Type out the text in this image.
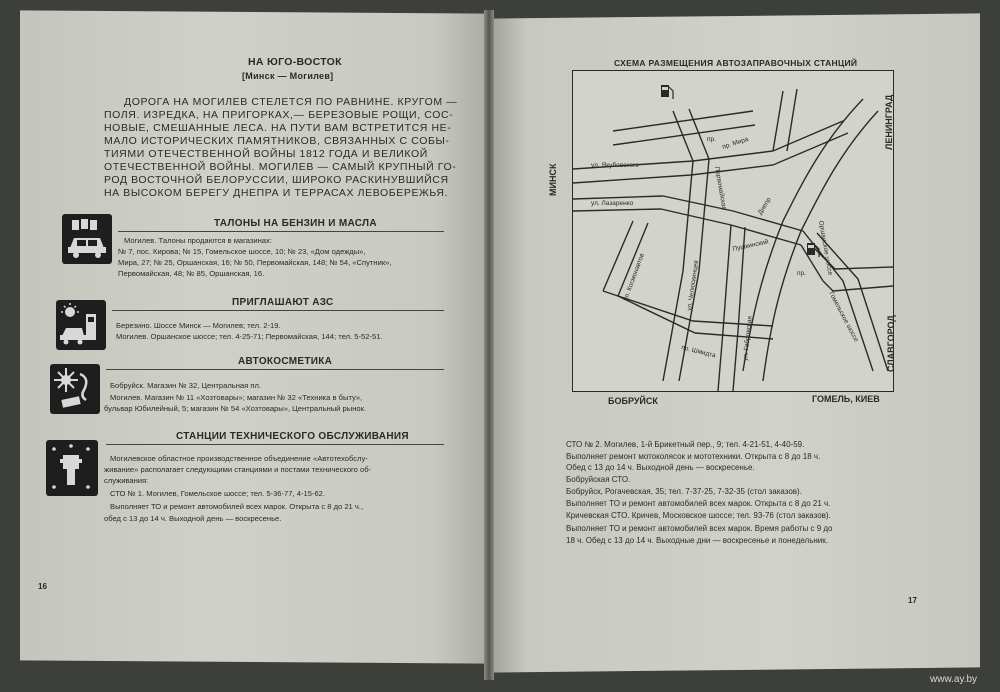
НА ЮГО-ВОСТОК
[Минск — Могилев]
ДОРОГА НА МОГИЛЕВ СТЕЛЕТСЯ ПО РАВНИНЕ. КРУГОМ —
ПОЛЯ. ИЗРЕДКА, НА ПРИГОРКАХ,— БЕРЕЗОВЫЕ РОЩИ, СОС-
НОВЫЕ, СМЕШАННЫЕ ЛЕСА. НА ПУТИ ВАМ ВСТРЕТИТСЯ НЕ-
МАЛО ИСТОРИЧЕСКИХ ПАМЯТНИКОВ, СВЯЗАННЫХ С СОБЫ-
ТИЯМИ ОТЕЧЕСТВЕННОЙ ВОЙНЫ 1812 ГОДА И ВЕЛИКОЙ
ОТЕЧЕСТВЕННОЙ ВОЙНЫ. МОГИЛЕВ — САМЫЙ КРУПНЫЙ ГО-
РОД ВОСТОЧНОЙ БЕЛОРУССИИ, ШИРОКО РАСКИНУВШИЙСЯ
НА ВЫСОКОМ БЕРЕГУ ДНЕПРА И ТЕРРАСАХ ЛЕВОБЕРЕЖЬЯ.
ТАЛОНЫ НА БЕНЗИН И МАСЛА
Могилев. Талоны продаются в магазинах:
№ 7, пос. Кирова; № 15, Гомельское шоссе, 10; № 23, «Дом одежды»,
Мира, 27; № 25, Оршанская, 16; № 50, Первомайская, 148; № 54, «Спутник»,
Первомайская, 48; № 85, Оршанская, 16.
ПРИГЛАШАЮТ АЗС
Березино. Шоссе Минск — Могилев; тел. 2-19.
Могилев. Оршанское шоссе; тел. 4-25-71; Первомайская, 144; тел. 5-52-51.
АВТОКОСМЕТИКА
Бобруйск. Магазин № 32, Центральная пл.
Могилев. Магазин № 11 «Хозтовары»; магазин № 32 «Техника в быту»,
бульвар Юбилейный, 5; магазин № 54 «Хозтовары», Центральный рынок.
СТАНЦИИ ТЕХНИЧЕСКОГО ОБСЛУЖИВАНИЯ
Могилевское областное производственное объединение «Автотехобслу-
живание» располагает следующими станциями и постами технического об-
служивания:
СТО № 1. Могилев, Гомельское шоссе; тел. 5-36-77, 4-15-62.
Выполняет ТО и ремонт автомобилей всех марок. Открыта с 8 до 21 ч.,
обед с 13 до 14 ч. Выходной день — воскресенье.
16
СХЕМА РАЗМЕЩЕНИЯ АВТОЗАПРАВОЧНЫХ СТАНЦИЙ
ул. Якубовского
ул. Лазаренко
пр. Мира
Первомайская
пр.
Днепр
Оршанское шоссе
Пушкинский
пр.
ул. Космонавтов	ул. Челюскинцев
ул. Габровская
пр. Шмидта
Гомельское шоссе
МИНСК
ЛЕНИНГРАД
СЛАВГОРОД
БОБРУЙСК	ГОМЕЛЬ, КИЕВ
СТО № 2. Могилев, 1-й Брикетный пер., 9; тел. 4-21-51, 4-40-59.
Выполняет ремонт мотоколясок и мототехники. Открыта с 8 до 18 ч.
Обед с 13 до 14 ч. Выходной день — воскресенье.
Бобруйская СТО.
Бобруйск, Рогачевская, 35; тел. 7-37-25, 7-32-35 (стол заказов).
Выполняет ТО и ремонт автомобилей всех марок. Открыта с 8 до 21 ч.
Кричевская СТО. Кричев, Московское шоссе; тел. 93-76 (стол заказов).
Выполняет ТО и ремонт автомобилей всех марок. Время работы с 9 до
18 ч. Обед с 13 до 14 ч. Выходные дни — воскресенье и понедельник.
17
www.ay.by
